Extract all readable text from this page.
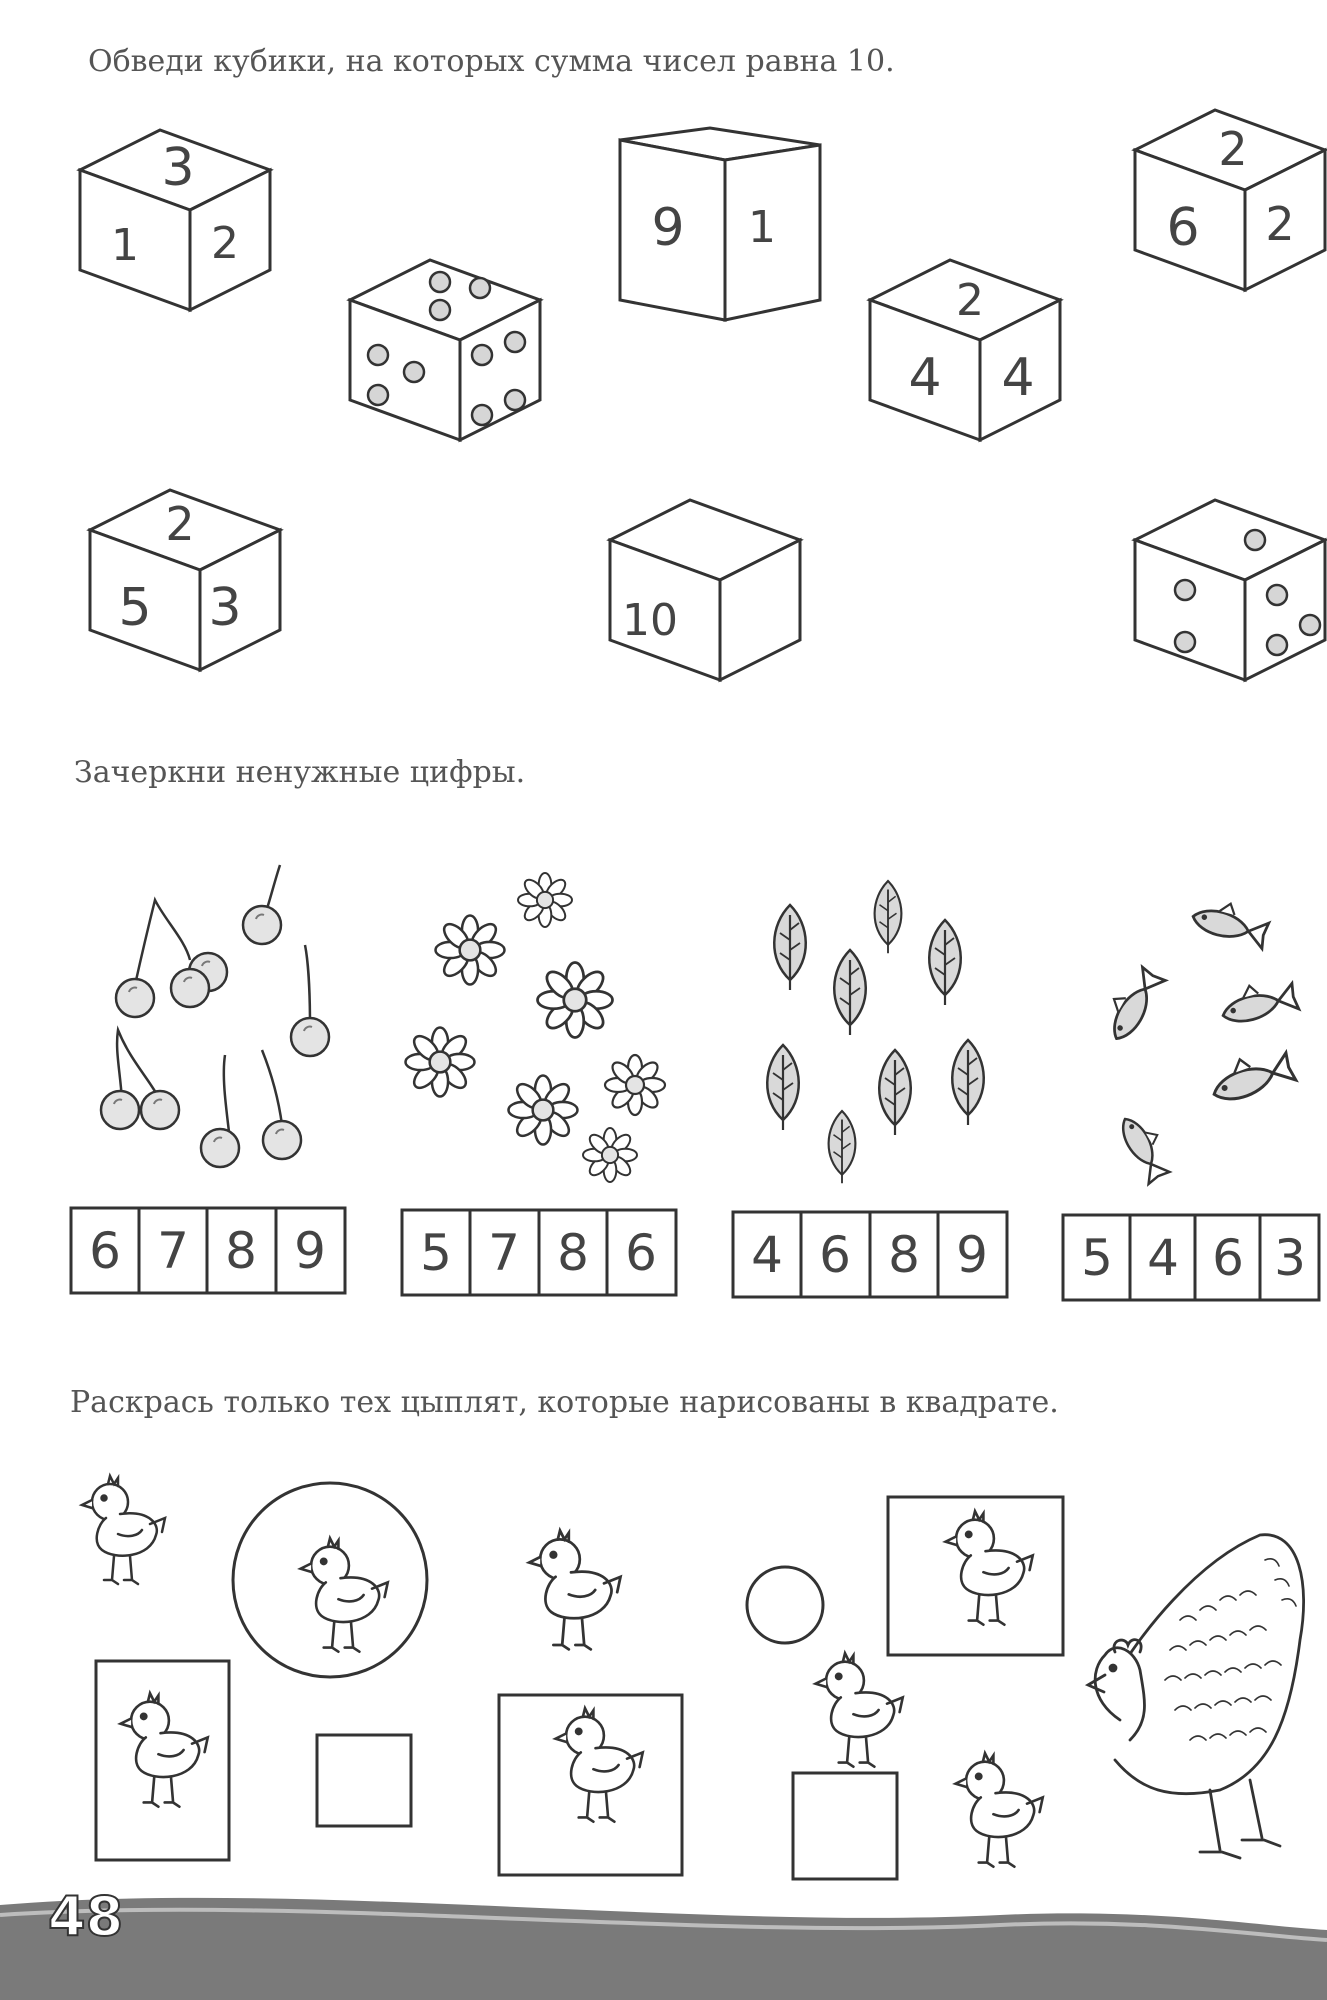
Обведи кубики, на которых сумма чисел равна 10.
3
1 2	9 1
2
4 4
2
6 2
2
5 3	10
Зачеркни ненужные цифры.
6 7 8 9 5 7 8 6 4 6 8 9 5 4 6 3
Раскрась только тех цыплят, которые нарисованы в квадрате.
48
